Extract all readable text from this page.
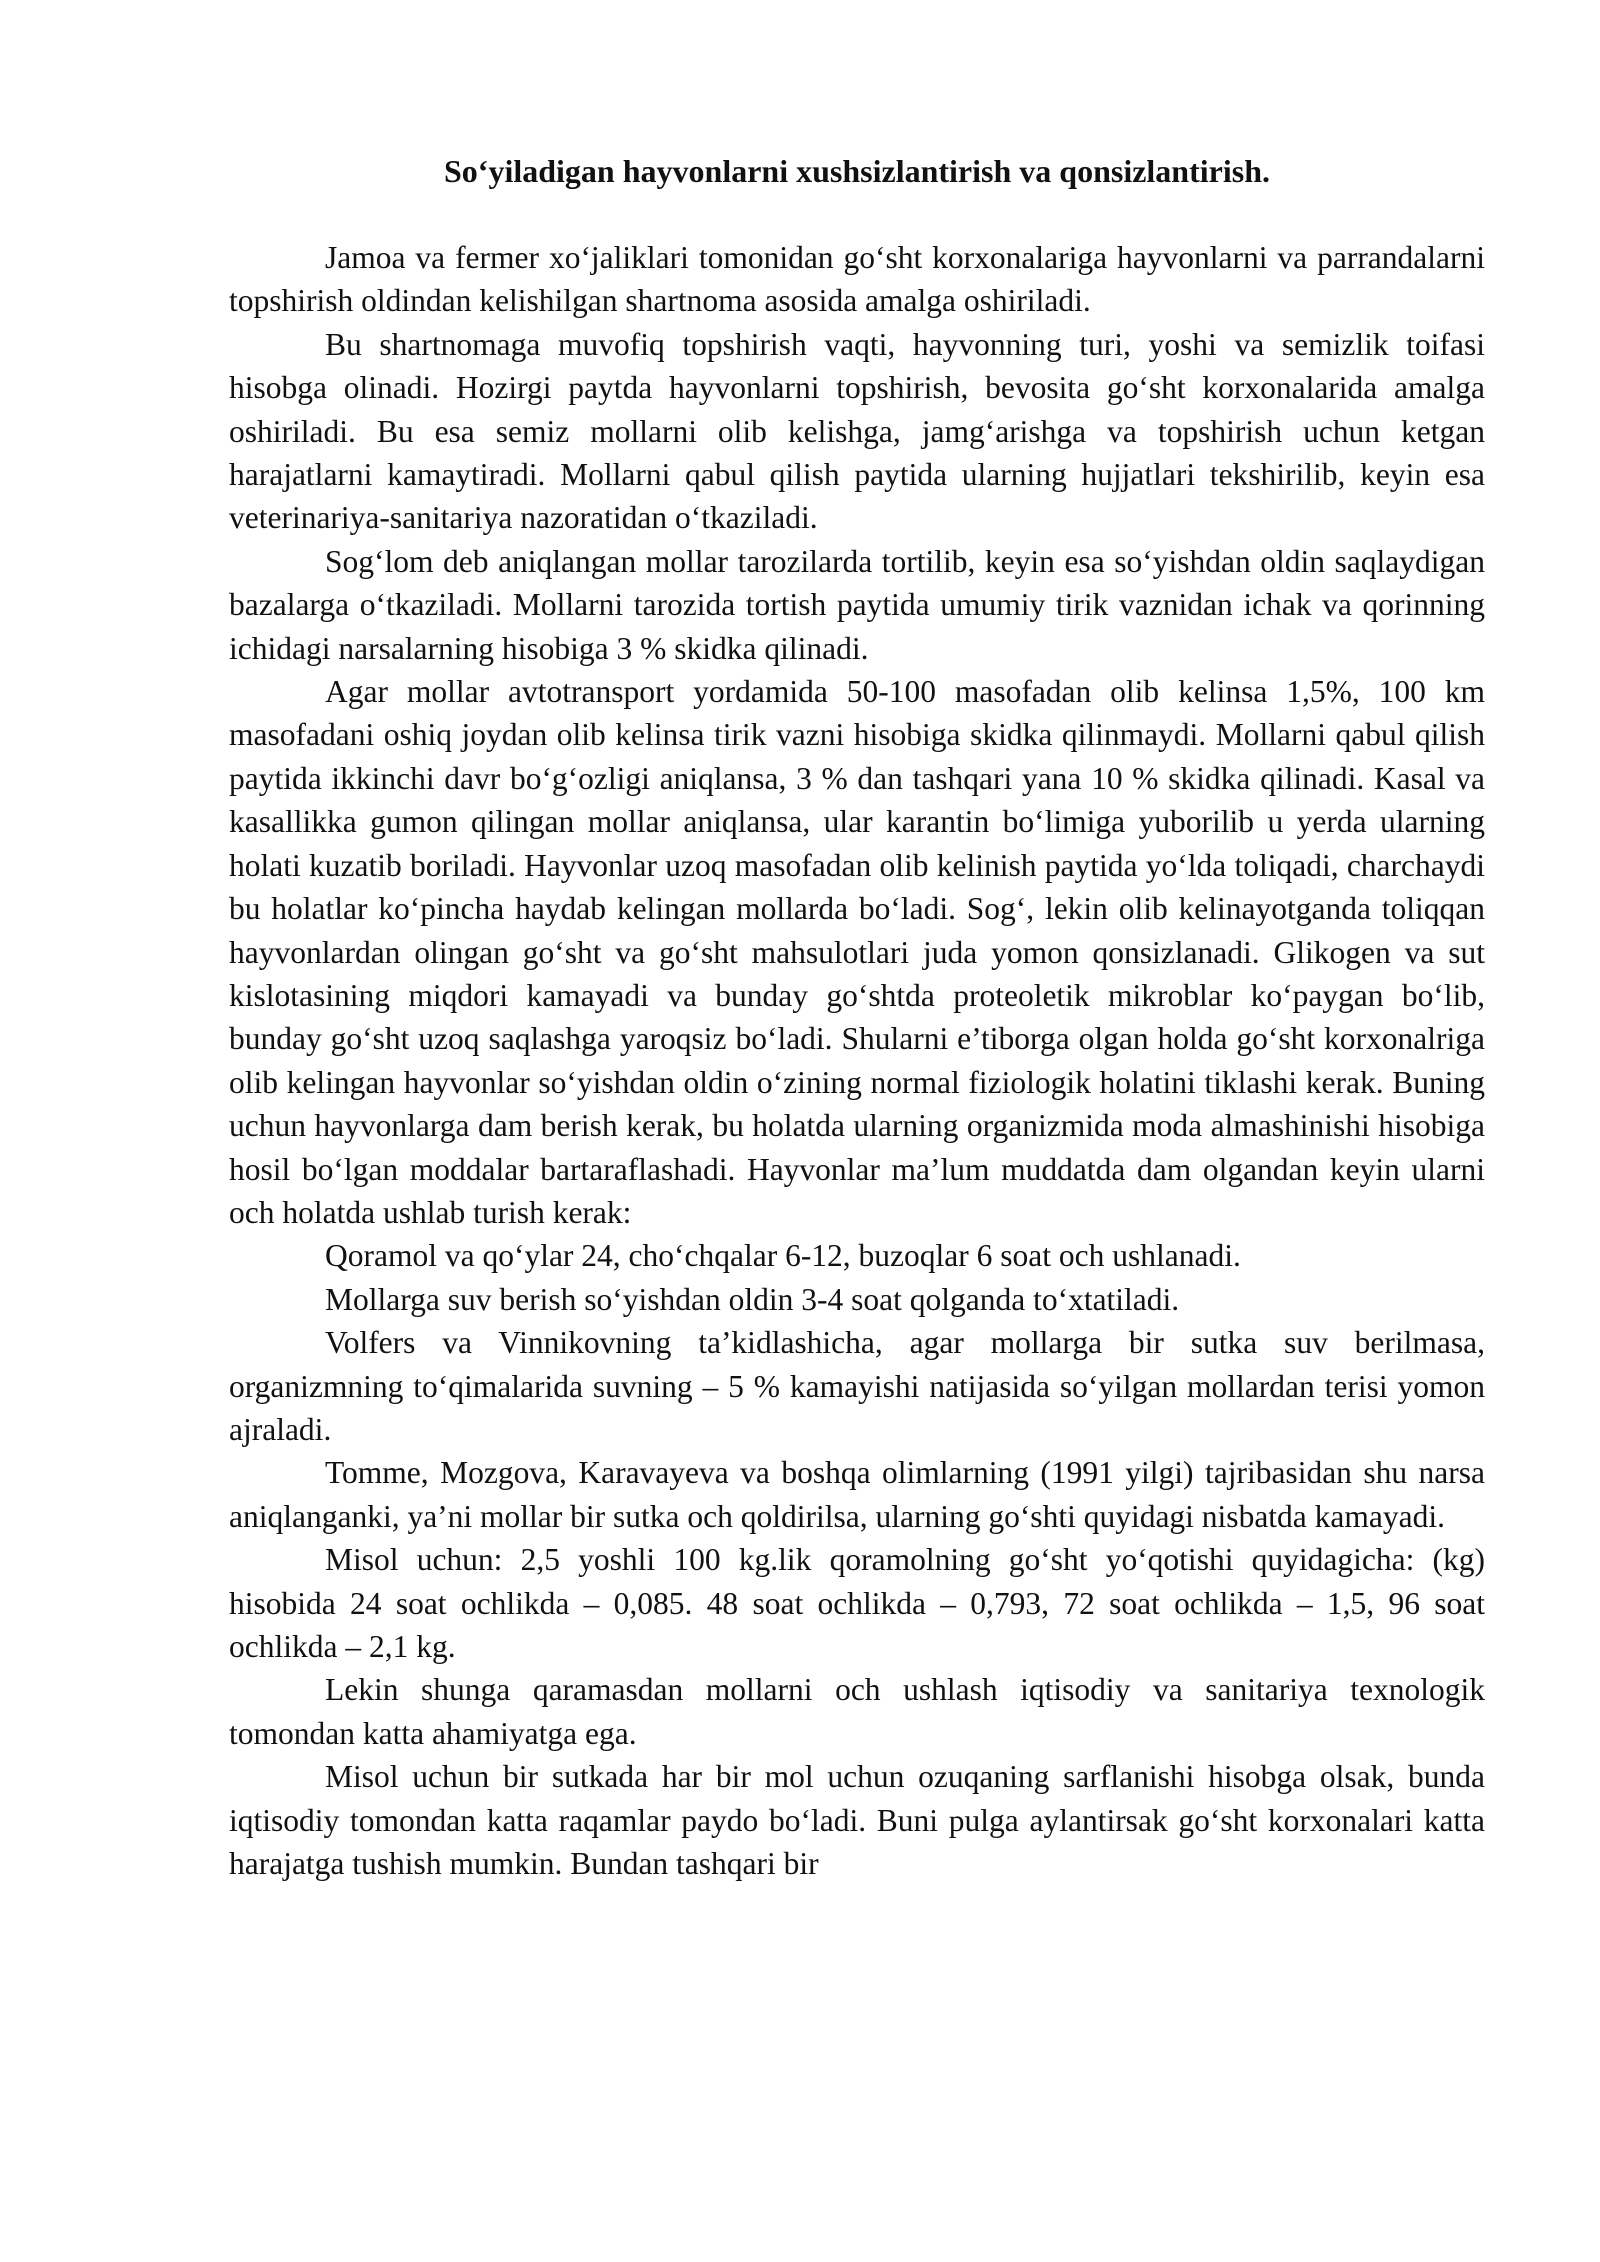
So‘yiladigan hayvonlarni xushsizlantirish va qonsizlantirish.

Jamoa va fermer xo‘jaliklari tomonidan go‘sht korxonalariga hayvonlarni va parrandalarni topshirish oldindan kelishilgan shartnoma asosida amalga oshiriladi.

Bu shartnomaga muvofiq topshirish vaqti, hayvonning turi, yoshi va semizlik toifasi hisobga olinadi. Hozirgi paytda hayvonlarni topshirish, bevosita go‘sht korxonalarida amalga oshiriladi. Bu esa semiz mollarni olib kelishga, jamg‘arishga va topshirish uchun ketgan harajatlarni kamaytiradi. Mollarni qabul qilish paytida ularning hujjatlari tekshirilib, keyin esa veterinariya-sanitariya nazoratidan o‘tkaziladi.

Sog‘lom deb aniqlangan mollar tarozilarda tortilib, keyin esa so‘yishdan oldin saqlaydigan bazalarga o‘tkaziladi. Mollarni tarozida tortish paytida umumiy tirik vaznidan ichak va qorinning ichidagi narsalarning hisobiga 3 % skidka qilinadi.

Agar mollar avtotransport yordamida 50-100 masofadan olib kelinsa 1,5%, 100 km masofadani oshiq joydan olib kelinsa tirik vazni hisobiga skidka qilinmaydi. Mollarni qabul qilish paytida ikkinchi davr bo‘g‘ozligi aniqlansa, 3 % dan tashqari yana 10 % skidka qilinadi. Kasal va kasallikka gumon qilingan mollar aniqlansa, ular karantin bo‘limiga yuborilib u yerda ularning holati kuzatib boriladi. Hayvonlar uzoq masofadan olib kelinish paytida yo‘lda toliqadi, charchaydi bu holatlar ko‘pincha haydab kelingan mollarda bo‘ladi. Sog‘, lekin olib kelinayotganda toliqqan hayvonlardan olingan go‘sht va go‘sht mahsulotlari juda yomon qonsizlanadi. Glikogen va sut kislotasining miqdori kamayadi va bunday go‘shtda proteoletik mikroblar ko‘paygan bo‘lib, bunday go‘sht uzoq saqlashga yaroqsiz bo‘ladi. Shularni e’tiborga olgan holda go‘sht korxonalriga olib kelingan hayvonlar so‘yishdan oldin o‘zining normal fiziologik holatini tiklashi kerak. Buning uchun hayvonlarga dam berish kerak, bu holatda ularning organizmida moda almashinishi hisobiga hosil bo‘lgan moddalar bartaraflashadi. Hayvonlar ma’lum muddatda dam olgandan keyin ularni och holatda ushlab turish kerak:

Qoramol va qo‘ylar 24, cho‘chqalar 6-12, buzoqlar 6 soat och ushlanadi.

Mollarga suv berish so‘yishdan oldin 3-4 soat qolganda to‘xtatiladi.

Volfers va Vinnikovning ta’kidlashicha, agar mollarga bir sutka suv berilmasa, organizmning to‘qimalarida suvning – 5 % kamayishi natijasida so‘yilgan mollardan terisi yomon ajraladi.

Tomme, Mozgova, Karavayeva va boshqa olimlarning (1991 yilgi) tajribasidan shu narsa aniqlanganki, ya’ni mollar bir sutka och qoldirilsa, ularning go‘shti quyidagi nisbatda kamayadi.

Misol uchun: 2,5 yoshli 100 kg.lik qoramolning go‘sht yo‘qotishi quyidagicha: (kg) hisobida 24 soat ochlikda – 0,085. 48 soat ochlikda – 0,793, 72 soat ochlikda – 1,5, 96 soat ochlikda – 2,1 kg.

Lekin shunga qaramasdan mollarni och ushlash iqtisodiy va sanitariya texnologik tomondan katta ahamiyatga ega.

Misol uchun bir sutkada har bir mol uchun ozuqaning sarflanishi hisobga olsak, bunda iqtisodiy tomondan katta raqamlar paydo bo‘ladi. Buni pulga aylantirsak go‘sht korxonalari katta harajatga tushish mumkin. Bundan tashqari bir
